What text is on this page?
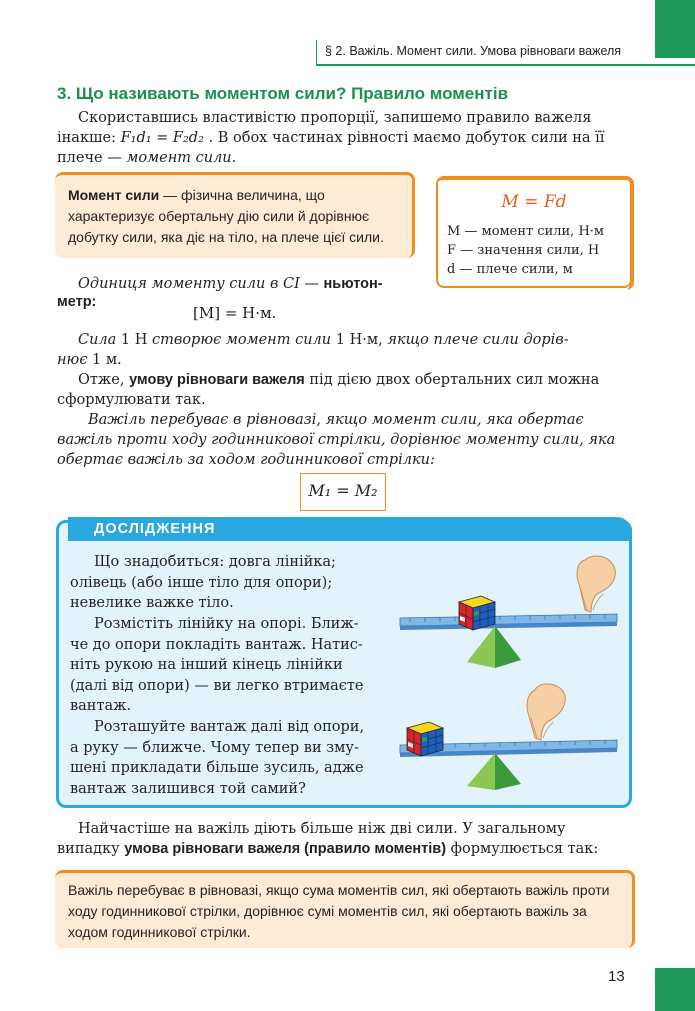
§ 2. Важіль. Момент сили. Умова рівноваги важеля
3. Що називають моментом сили? Правило моментів
Скориставшись властивістю пропорції, запишемо правило важеля
інакше: F₁d₁ = F₂d₂ . В обох частинах рівності маємо добуток сили на її
плече — момент сили.
Момент сили — фізична величина, що характеризує обертальну дію сили й дорівнює добутку сили, яка діє на тіло, на плече цієї сили.
M = Fd
M — момент сили, Н·м
F — значення сили, Н
d — плече сили, м
Одиниця моменту сили в СІ — ньютон-
метр:
[M] = Н·м.
Сила 1 Н створює момент сили 1 Н·м, якщо плече сили дорів-
нює 1 м.
Отже, умову рівноваги важеля під дією двох обертальних сил можна
сформулювати так.
Важіль перебуває в рівновазі, якщо момент сили, яка обертає
важіль проти ходу годинникової стрілки, дорівнює моменту сили, яка
обертає важіль за ходом годинникової стрілки:
M₁ = M₂
ДОСЛІДЖЕННЯ
Що знадобиться: довга лінійка;
олівець (або інше тіло для опори);
невелике важке тіло.
Розмістіть лінійку на опорі. Ближ-
че до опори покладіть вантаж. Натис-
ніть рукою на інший кінець лінійки
(далі від опори) — ви легко втримаєте
вантаж.
Розташуйте вантаж далі від опори,
а руку — ближче. Чому тепер ви зму-
шені прикладати більше зусиль, адже
вантаж залишився той самий?
Найчастіше на важіль діють більше ніж дві сили. У загальному
випадку умова рівноваги важеля (правило моментів) формулюється так:
Важіль перебуває в рівновазі, якщо сума моментів сил, які обертають важіль проти ходу годинникової стрілки, дорівнює сумі моментів сил, які обертають важіль за ходом годинникової стрілки.
13
